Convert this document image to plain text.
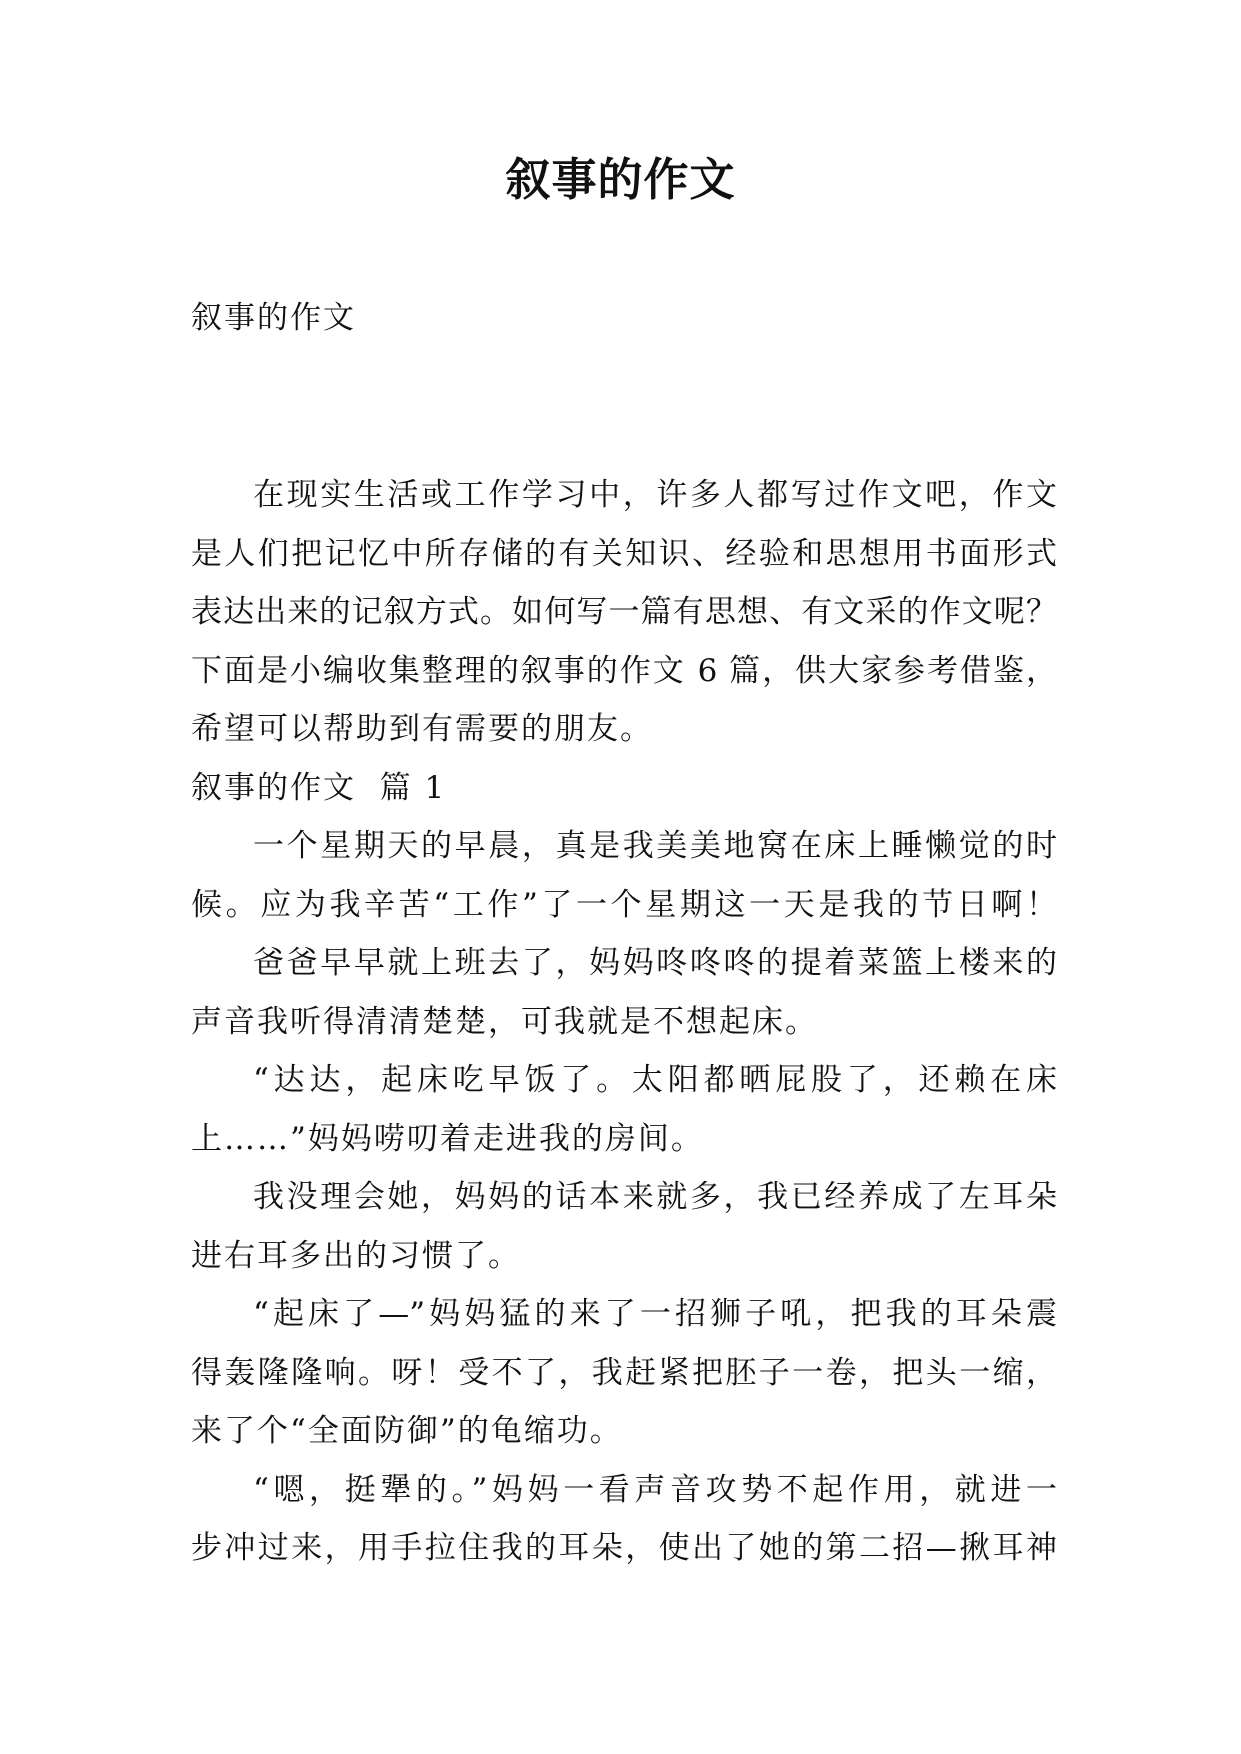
叙事的作文
叙事的作文
在现实生活或工作学习中，许多人都写过作文吧，作文
是人们把记忆中所存储的有关知识、经验和思想用书面形式
表达出来的记叙方式。如何写一篇有思想、有文采的作文呢？
下面是小编收集整理的叙事的作文 6 篇，供大家参考借鉴，
希望可以帮助到有需要的朋友。
叙事的作文  篇 1
一个星期天的早晨，真是我美美地窝在床上睡懒觉的时
候。应为我辛苦“工作”了一个星期这一天是我的节日啊！
爸爸早早就上班去了，妈妈咚咚咚的提着菜篮上楼来的
声音我听得清清楚楚，可我就是不想起床。
“达达，起床吃早饭了。太阳都晒屁股了，还赖在床
上……”妈妈唠叨着走进我的房间。
我没理会她，妈妈的话本来就多，我已经养成了左耳朵
进右耳多出的习惯了。
“起床了—”妈妈猛的来了一招狮子吼，把我的耳朵震
得轰隆隆响。呀！受不了，我赶紧把胚子一卷，把头一缩，
来了个“全面防御”的龟缩功。
“嗯，挺犟的。”妈妈一看声音攻势不起作用，就进一
步冲过来，用手拉住我的耳朵，使出了她的第二招—揪耳神
